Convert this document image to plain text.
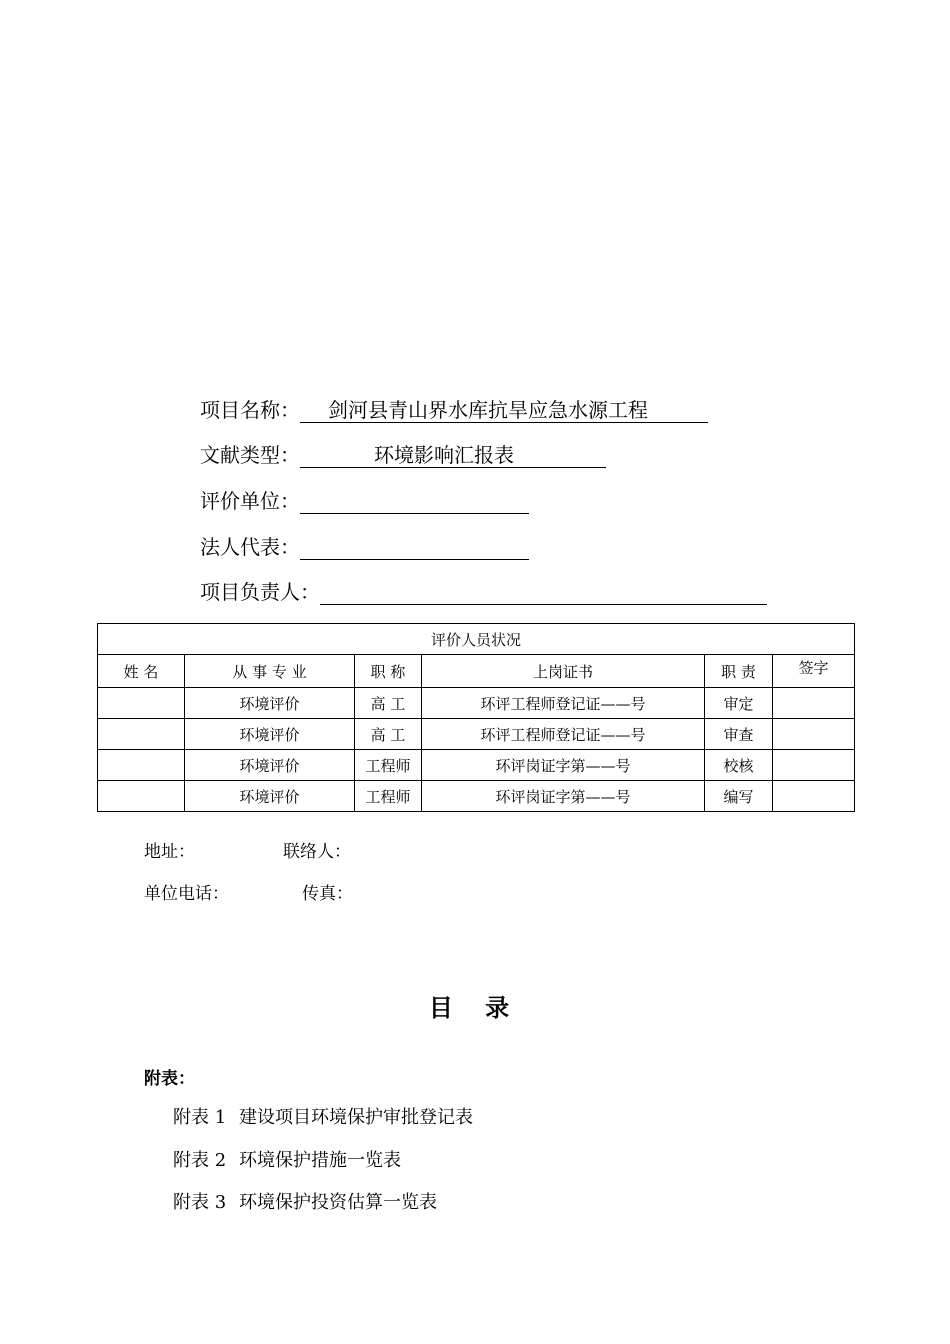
项目名称： 剑河县青山界水库抗旱应急水源工程
文献类型：	环境影响汇报表
评价单位：
法人代表：
项目负责人：
评价人员状况					
姓 名	从 事 专 业	职 称	上岗证书	职 责	签字
	环境评价	高 工	环评工程师登记证——号	审定	
	环境评价	高 工	环评工程师登记证——号	审查	
	环境评价	工程师	环评岗证字第——号	校核	
	环境评价	工程师	环评岗证字第——号	编写	
地址：	联络人：
单位电话：	传真：
目 录
附表：
附表 1 建设项目环境保护审批登记表
附表 2 环境保护措施一览表
附表 3 环境保护投资估算一览表
